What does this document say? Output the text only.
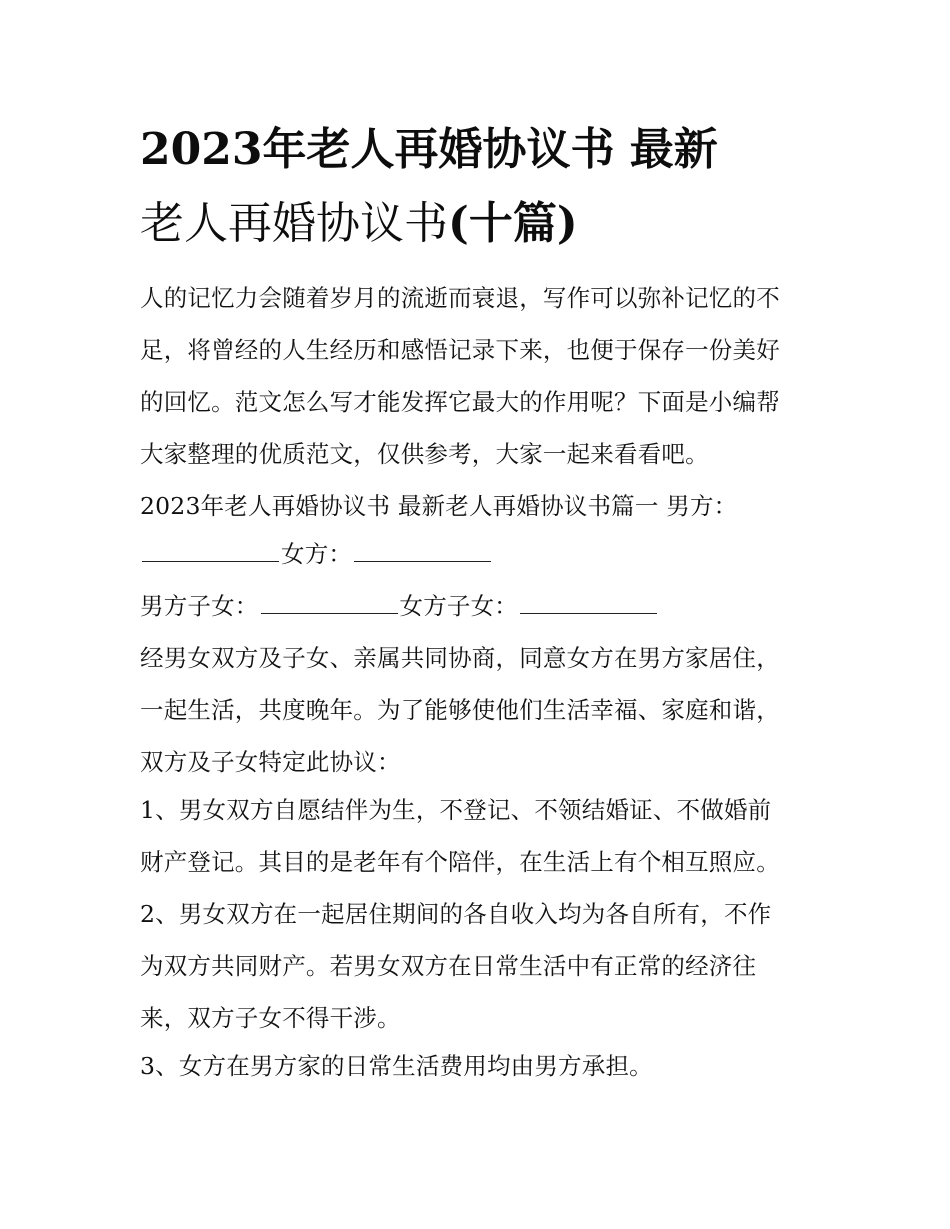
2023年老人再婚协议书 最新
老人再婚协议书(十篇)
人的记忆力会随着岁月的流逝而衰退，写作可以弥补记忆的不
足，将曾经的人生经历和感悟记录下来，也便于保存一份美好
的回忆。范文怎么写才能发挥它最大的作用呢？下面是小编帮
大家整理的优质范文，仅供参考，大家一起来看看吧。
2023年老人再婚协议书 最新老人再婚协议书篇一 男方：
女方：
男方子女：	女方子女：
经男女双方及子女、亲属共同协商，同意女方在男方家居住，
一起生活，共度晚年。为了能够使他们生活幸福、家庭和谐，
双方及子女特定此协议：
1、男女双方自愿结伴为生，不登记、不领结婚证、不做婚前
财产登记。其目的是老年有个陪伴，在生活上有个相互照应。
2、男女双方在一起居住期间的各自收入均为各自所有，不作
为双方共同财产。若男女双方在日常生活中有正常的经济往
来，双方子女不得干涉。
3、女方在男方家的日常生活费用均由男方承担。
